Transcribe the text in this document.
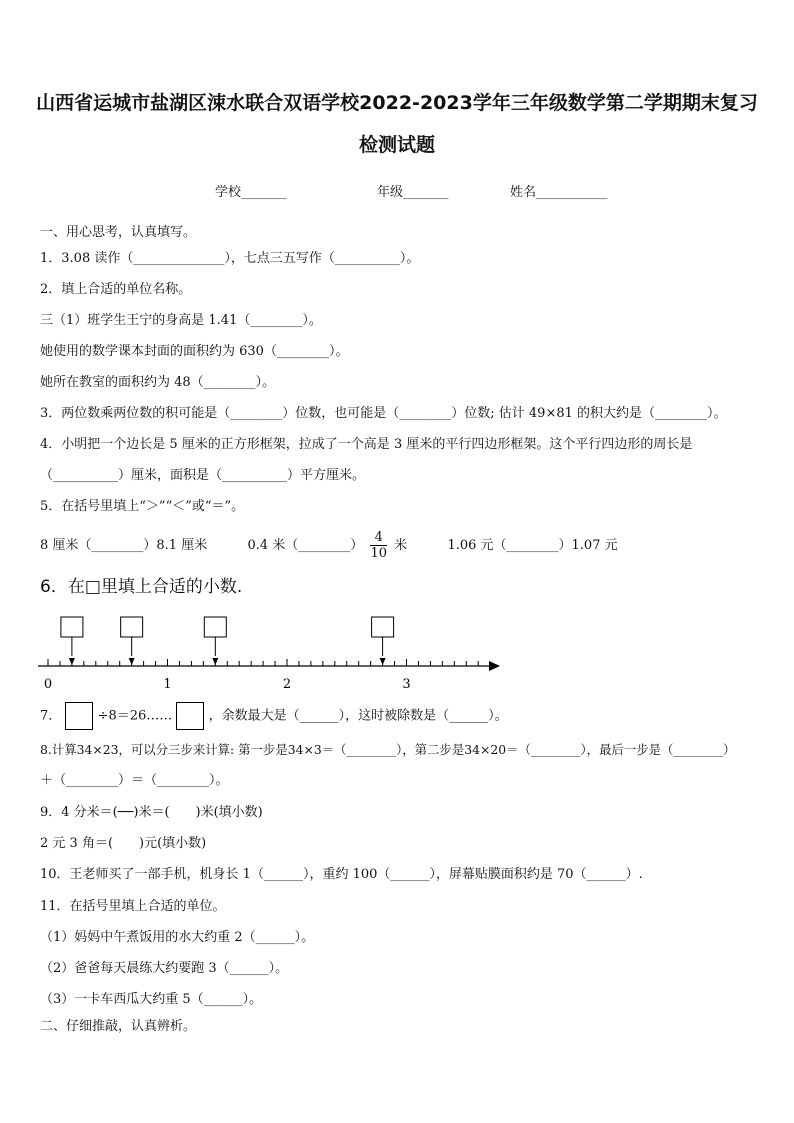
山西省运城市盐湖区涑水联合双语学校2022-2023学年三年级数学第二学期期末复习
检测试题
学校_______	年级_______	姓名___________
一、用心思考，认真填写。
1．3.08 读作（______________），七点三五写作（__________）。
2．填上合适的单位名称。
三（1）班学生王宁的身高是 1.41（________）。
她使用的数学课本封面的面积约为 630（________）。
她所在教室的面积约为 48（________）。
3．两位数乘两位数的积可能是（________）位数，也可能是（________）位数; 估计 49×81 的积大约是（________）。
4．小明把一个边长是 5 厘米的正方形框架，拉成了一个高是 3 厘米的平行四边形框架。这个平行四边形的周长是
（__________）厘米，面积是（__________）平方厘米。
5．在括号里填上“＞”“＜”或“＝”。
8 厘米（________）8.1 厘米	0.4 米（________） $\frac{4}{10}$ 米	1.06 元（________）1.07 元
6．在□里填上合适的小数.
0	1	2	3
7．	÷8＝26……	，余数最大是（______），这时被除数是（______）。
8.计算34×23，可以分三步来计算: 第一步是34×3＝（________），第二步是34×20＝（________），最后一步是（________）
＋（________）＝（________）。
9．4 分米＝(──)米＝(　　)米(填小数)
2 元 3 角＝(　　)元(填小数)
10．王老师买了一部手机，机身长 1（______），重约 100（______），屏幕贴膜面积约是 70（______）.
11．在括号里填上合适的单位。
（1）妈妈中午煮饭用的水大约重 2（______）。
（2）爸爸每天晨练大约要跑 3（______）。
（3）一卡车西瓜大约重 5（______）。
二、仔细推敲，认真辨析。
